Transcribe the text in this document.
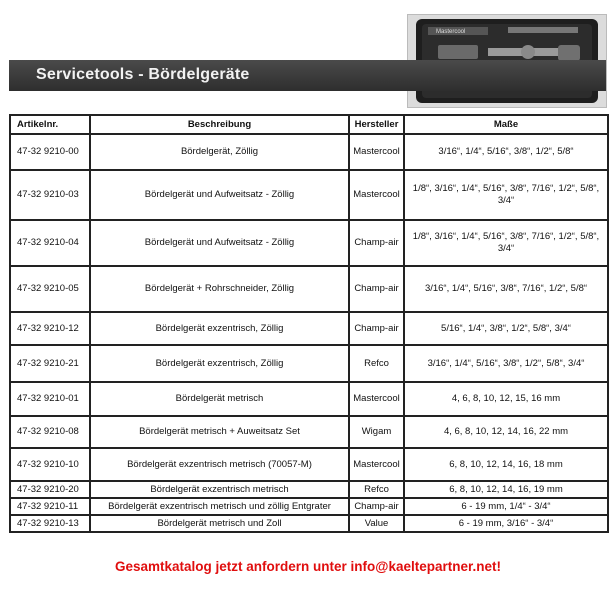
Mastercool
Servicetools - Bördelgeräte
Artikelnr.	Beschreibung	Hersteller	Maße
47-32 9210-00	Bördelgerät, Zöllig	Mastercool	3/16“, 1/4“, 5/16“, 3/8“, 1/2“, 5/8“
47-32 9210-03	Bördelgerät und Aufweitsatz - Zöllig	Mastercool	1/8“, 3/16“, 1/4“, 5/16“, 3/8“, 7/16“, 1/2“, 5/8“, 3/4“
47-32 9210-04	Bördelgerät und Aufweitsatz - Zöllig	Champ-air	1/8“, 3/16“, 1/4“, 5/16“, 3/8“, 7/16“, 1/2“, 5/8“, 3/4“
47-32 9210-05	Bördelgerät + Rohrschneider, Zöllig	Champ-air	3/16“, 1/4“, 5/16“, 3/8“, 7/16“, 1/2“, 5/8“
47-32 9210-12	Bördelgerät exzentrisch, Zöllig	Champ-air	5/16“, 1/4“, 3/8“, 1/2“, 5/8“, 3/4“
47-32 9210-21	Bördelgerät exzentrisch, Zöllig	Refco	3/16“, 1/4“, 5/16“, 3/8“, 1/2“, 5/8“, 3/4“
47-32 9210-01	Bördelgerät metrisch	Mastercool	4, 6, 8, 10, 12, 15, 16 mm
47-32 9210-08	Bördelgerät metrisch + Auweitsatz Set	Wigam	4, 6, 8, 10, 12, 14, 16, 22 mm
47-32 9210-10	Bördelgerät exzentrisch metrisch (70057-M)	Mastercool	6, 8, 10, 12, 14, 16, 18 mm
47-32 9210-20	Bördelgerät exzentrisch metrisch	Refco	6, 8, 10, 12, 14, 16, 19 mm
47-32 9210-11	Bördelgerät exzentrisch metrisch und zöllig Entgrater	Champ-air	6 - 19 mm, 1/4“ - 3/4“
47-32 9210-13	Bördelgerät metrisch und Zoll	Value	6 - 19 mm, 3/16“ - 3/4“
Gesamtkatalog jetzt anfordern unter info@kaeltepartner.net!
